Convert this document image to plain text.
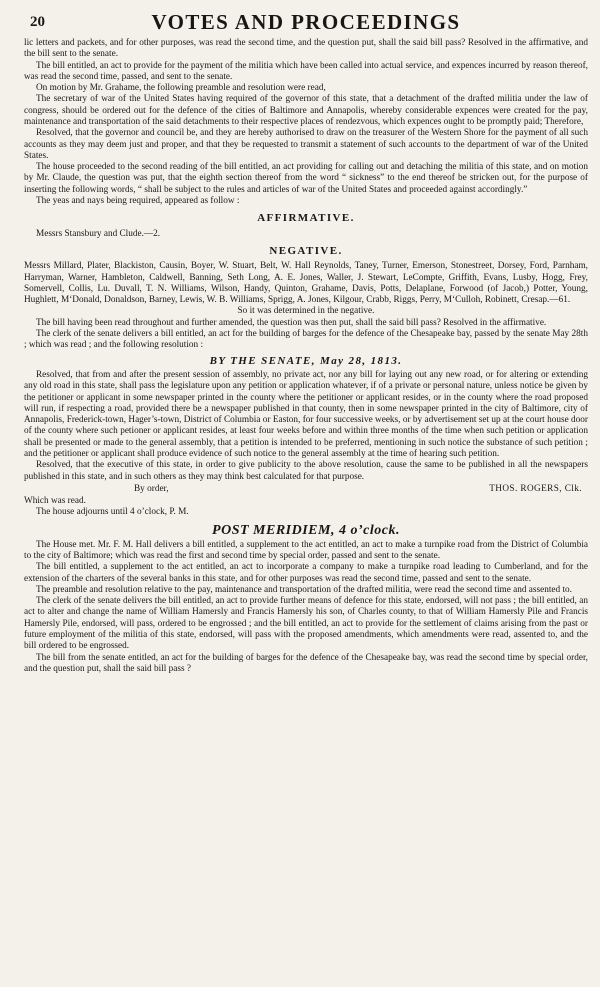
20	VOTES AND PROCEEDINGS

lic letters and packets, and for other purposes, was read the second time, and the question put, shall the said bill pass? Resolved in the affirmative, and the bill sent to the senate.

The bill entitled, an act to provide for the payment of the militia which have been called into actual service, and expences incurred by reason thereof, was read the second time, passed, and sent to the senate.

On motion by Mr. Grahame, the following preamble and resolution were read,

The secretary of war of the United States having required of the governor of this state, that a detachment of the drafted militia under the law of congress, should be ordered out for the defence of the cities of Baltimore and Annapolis, whereby considerable expences were created for the pay, maintenance and transportation of the said detachments to their respective places of rendezvous, which expences ought to be promptly paid; Therefore,

Resolved, that the governor and council be, and they are hereby authorised to draw on the treasurer of the Western Shore for the payment of all such accounts as they may deem just and proper, and that they be requested to transmit a statement of such accounts to the department of war of the United States.

The house proceeded to the second reading of the bill entitled, an act providing for calling out and detaching the militia of this state, and on motion by Mr. Claude, the question was put, that the eighth section thereof from the word “ sickness” to the end thereof be stricken out, for the purpose of inserting the following words, “ shall be subject to the rules and articles of war of the United States and proceeded against accordingly.”

The yeas and nays being required, appeared as follow :

AFFIRMATIVE.

Messrs Stansbury and Clude.—2.

NEGATIVE.

Messrs Millard, Plater, Blackiston, Causin, Boyer, W. Stuart, Belt, W. Hall Reynolds, Taney, Turner, Emerson, Stonestreet, Dorsey, Ford, Parnham, Harryman, Warner, Hambleton, Caldwell, Banning, Seth Long, A. E. Jones, Waller, J. Stewart, LeCompte, Griffith, Evans, Lusby, Hogg, Frey, Somervell, Collis, Lu. Duvall, T. N. Williams, Wilson, Handy, Quinton, Grahame, Davis, Potts, Delaplane, Forwood (of Jacob,) Potter, Young, Hughlett, M‘Donald, Donaldson, Barney, Lewis, W. B. Williams, Sprigg, A. Jones, Kilgour, Crabb, Riggs, Perry, M‘Culloh, Robinett, Cresap.—61.

So it was determined in the negative.

The bill having been read throughout and further amended, the question was then put, shall the said bill pass? Resolved in the affirmative.

The clerk of the senate delivers a bill entitled, an act for the building of barges for the defence of the Chesapeake bay, passed by the senate May 28th ; which was read ; and the following resolution :

BY THE SENATE, May 28, 1813.

Resolved, that from and after the present session of assembly, no private act, nor any bill for laying out any new road, or for altering or extending any old road in this state, shall pass the legislature upon any petition or application whatever, if of a private or personal nature, unless notice be given by the petitioner or applicant in some newspaper printed in the county where the petitioner or applicant resides, or in the county where the road proposed will run, if respecting a road, provided there be a newspaper published in that county, then in some newspaper printed in the city of Baltimore, city of Annapolis, Frederick-town, Hager’s-town, District of Columbia or Easton, for four successive weeks, or by advertisement set up at the court house door of the county where such petioner or applicant resides, at least four weeks before and within three months of the time when such petition or application shall be presented or made to the general assembly, that a petition is intended to be preferred, mentioning in such notice the substance of such petition ; and the petitioner or applicant shall produce evidence of such notice to the general assembly at the time of hearing such petition.

Resolved, that the executive of this state, in order to give publicity to the above resolution, cause the same to be published in all the newspapers published in this state, and in such others as they may think best calculated for that purpose.

By order,	THOS. ROGERS, Clk.

Which was read.

The house adjourns until 4 o’clock, P. M.

POST MERIDIEM, 4 o’clock.

The House met. Mr. F. M. Hall delivers a bill entitled, a supplement to the act entitled, an act to make a turnpike road from the District of Columbia to the city of Baltimore; which was read the first and second time by special order, passed and sent to the senate.

The bill entitled, a supplement to the act entitled, an act to incorporate a company to make a turnpike road leading to Cumberland, and for the extension of the charters of the several banks in this state, and for other purposes was read the second time, passed and sent to the senate.

The preamble and resolution relative to the pay, maintenance and transportation of the drafted militia, were read the second time and assented to.

The clerk of the senate delivers the bill entitled, an act to provide further means of defence for this state, endorsed, will not pass ; the bill entitled, an act to alter and change the name of William Hamersly and Francis Hamersly his son, of Charles county, to that of William Hamersly Pile and Francis Hamersly Pile, endorsed, will pass, ordered to be engrossed ; and the bill entitled, an act to provide for the settlement of claims arising from the past or future employment of the militia of this state, endorsed, will pass with the proposed amendments, which amendments were read, assented to, and the bill ordered to be engrossed.

The bill from the senate entitled, an act for the building of barges for the defence of the Chesapeake bay, was read the second time by special order, and the question put, shall the said bill pass ?
